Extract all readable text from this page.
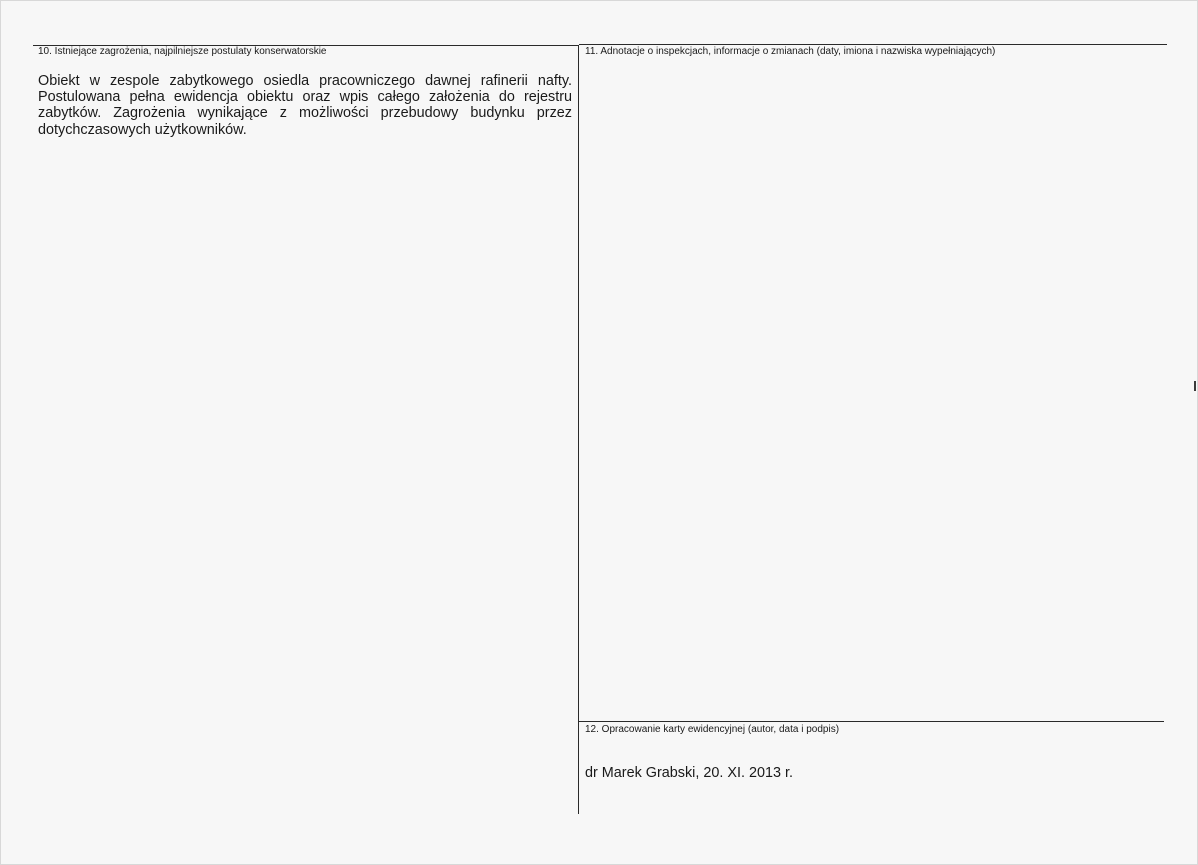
10. Istniejące zagrożenia, najpilniejsze postulaty konserwatorskie
Obiekt w zespole zabytkowego osiedla pracowniczego dawnej rafinerii nafty. Postulowana pełna ewidencja obiektu oraz wpis całego założenia do rejestru zabytków. Zagrożenia wynikające z możliwości przebudowy budynku przez dotychczasowych użytkowników.
11. Adnotacje o inspekcjach, informacje o zmianach (daty, imiona i nazwiska wypełniających)
12. Opracowanie karty ewidencyjnej (autor, data i podpis)
dr Marek Grabski, 20. XI. 2013 r.
